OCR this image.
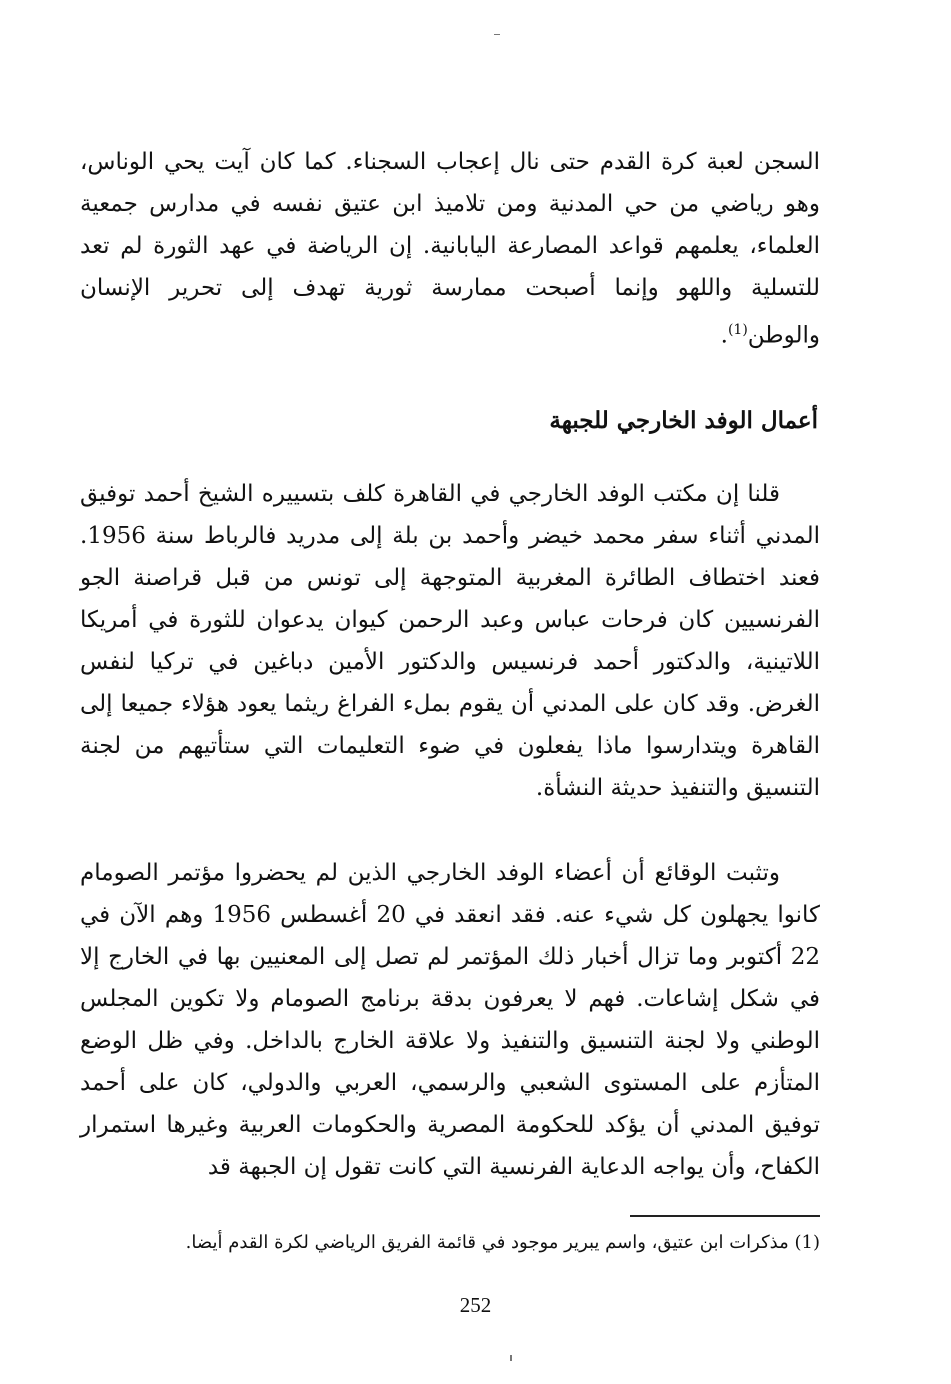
السجن لعبة كرة القدم حتى نال إعجاب السجناء. كما كان آيت يحي الوناس، وهو رياضي من حي المدنية ومن تلاميذ ابن عتيق نفسه في مدارس جمعية العلماء، يعلمهم قواعد المصارعة اليابانية. إن الرياضة في عهد الثورة لم تعد للتسلية واللهو وإنما أصبحت ممارسة ثورية تهدف إلى تحرير الإنسان والوطن$^{(1)}$.
أعمال الوفد الخارجي للجبهة
قلنا إن مكتب الوفد الخارجي في القاهرة كلف بتسييره الشيخ أحمد توفيق المدني أثناء سفر محمد خيضر وأحمد بن بلة إلى مدريد فالرباط سنة 1956. فعند اختطاف الطائرة المغربية المتوجهة إلى تونس من قبل قراصنة الجو الفرنسيين كان فرحات عباس وعبد الرحمن كيوان يدعوان للثورة في أمريكا اللاتينية، والدكتور أحمد فرنسيس والدكتور الأمين دباغين في تركيا لنفس الغرض. وقد كان على المدني أن يقوم بملء الفراغ ريثما يعود هؤلاء جميعا إلى القاهرة ويتدارسوا ماذا يفعلون في ضوء التعليمات التي ستأتيهم من لجنة التنسيق والتنفيذ حديثة النشأة.
وتثبت الوقائع أن أعضاء الوفد الخارجي الذين لم يحضروا مؤتمر الصومام كانوا يجهلون كل شيء عنه. فقد انعقد في 20 أغسطس 1956 وهم الآن في 22 أكتوبر وما تزال أخبار ذلك المؤتمر لم تصل إلى المعنيين بها في الخارج إلا في شكل إشاعات. فهم لا يعرفون بدقة برنامج الصومام ولا تكوين المجلس الوطني ولا لجنة التنسيق والتنفيذ ولا علاقة الخارج بالداخل. وفي ظل الوضع المتأزم على المستوى الشعبي والرسمي، العربي والدولي، كان على أحمد توفيق المدني أن يؤكد للحكومة المصرية والحكومات العربية وغيرها استمرار الكفاح، وأن يواجه الدعاية الفرنسية التي كانت تقول إن الجبهة قد
(1) مذكرات ابن عتيق، واسم يبرير موجود في قائمة الفريق الرياضي لكرة القدم أيضا.
252
